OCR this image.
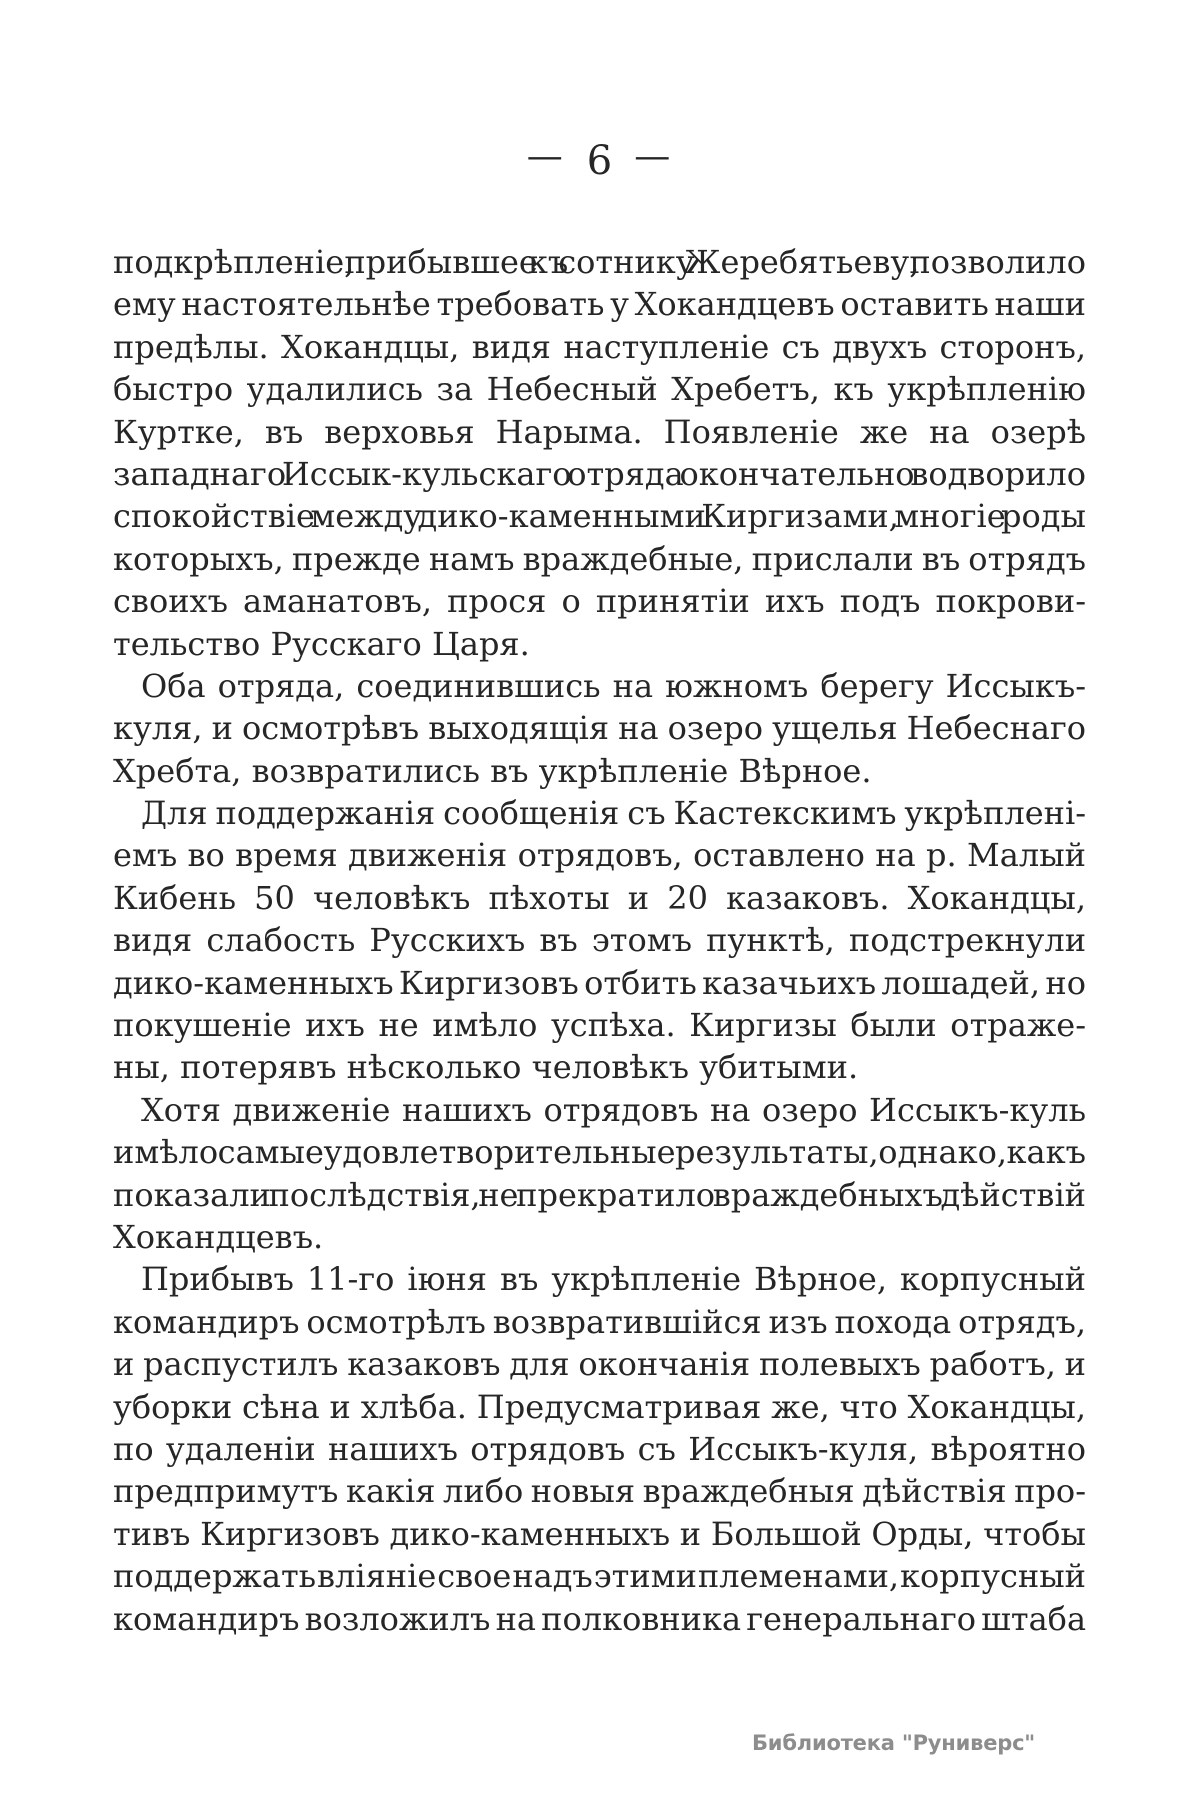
— 6 —
подкрѣпленіе, прибывшее къ сотнику Жеребятьеву, позволило
ему настоятельнѣе требовать у Хокандцевъ оставить наши
предѣлы. Хокандцы, видя наступленіе съ двухъ сторонъ,
быстро удалились за Небесный Хребетъ, къ укрѣпленію
Куртке, въ верховья Нарыма. Появленіе же на озерѣ
западнаго Иссык-кульскаго отряда окончательно водворило
спокойствіе между дико-каменными Киргизами, многіе роды
которыхъ, прежде намъ враждебные, прислали въ отрядъ
своихъ аманатовъ, прося о принятіи ихъ подъ покрови-
тельство Русскаго Царя.
Оба отряда, соединившись на южномъ берегу Иссыкъ-
куля, и осмотрѣвъ выходящія на озеро ущелья Небеснаго
Хребта, возвратились въ укрѣпленіе Вѣрное.
Для поддержанія сообщенія съ Кастекскимъ укрѣплені-
емъ во время движенія отрядовъ, оставлено на р. Малый
Кибень 50 человѣкъ пѣхоты и 20 казаковъ. Хокандцы,
видя слабость Русскихъ въ этомъ пунктѣ, подстрекнули
дико-каменныхъ Киргизовъ отбить казачьихъ лошадей, но
покушеніе ихъ не имѣло успѣха. Киргизы были отраже-
ны, потерявъ нѣсколько человѣкъ убитыми.
Хотя движеніе нашихъ отрядовъ на озеро Иссыкъ-куль
имѣло самые удовлетворительные результаты, однако, какъ
показали послѣдствія, не прекратило враждебныхъ дѣйствій
Хокандцевъ.
Прибывъ 11-го іюня въ укрѣпленіе Вѣрное, корпусный
командиръ осмотрѣлъ возвратившійся изъ похода отрядъ,
и распустилъ казаковъ для окончанія полевыхъ работъ, и
уборки сѣна и хлѣба. Предусматривая же, что Хокандцы,
по удаленіи нашихъ отрядовъ съ Иссыкъ-куля, вѣроятно
предпримутъ какія либо новыя враждебныя дѣйствія про-
тивъ Киргизовъ дико-каменныхъ и Большой Орды, чтобы
поддержать вліяніе свое надъ этими племенами, корпусный
командиръ возложилъ на полковника генеральнаго штаба
Библиотека "Руниверс"
